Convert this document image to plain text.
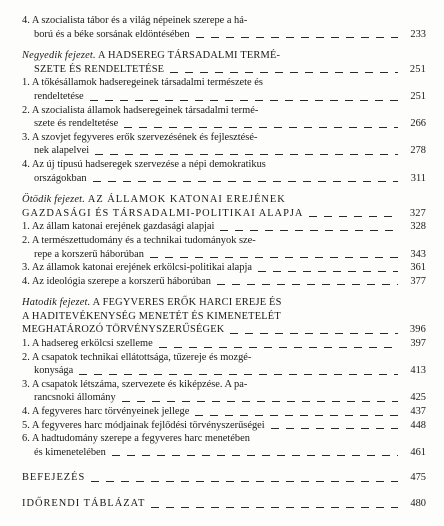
4. A szocialista tábor és a világ népeinek szerepe a há-
ború és a béke sorsának eldöntésében	233
Negyedik fejezet. A HADSEREG TÁRSADALMI TERMÉ-
SZETE ÉS RENDELTETÉSE	251
1. A tőkésállamok hadseregeinek társadalmi természete és
rendeltetése	251
2. A szocialista államok hadseregeinek társadalmi termé-
szete és rendeltetése	266
3. A szovjet fegyveres erők szervezésének és fejlesztésé-
nek alapelvei	278
4. Az új típusú hadseregek szervezése a népi demokratikus
országokban	311
Ötödik fejezet. AZ ÁLLAMOK KATONAI EREJÉNEK
GAZDASÁGI ÉS TÁRSADALMI-POLITIKAI ALAPJA	327
1. Az állam katonai erejének gazdasági alapjai	328
2. A természettudomány és a technikai tudományok sze-
repe a korszerű háborúban	343
3. Az államok katonai erejének erkölcsi-politikai alapja	361
4. Az ideológia szerepe a korszerű háborúban	377
Hatodik fejezet. A FEGYVERES ERŐK HARCI EREJE ÉS
A HADITEVÉKENYSÉG MENETÉT ÉS KIMENETELÉT
MEGHATÁROZÓ TÖRVÉNYSZERŰSÉGEK	396
1. A hadsereg erkölcsi szelleme	397
2. A csapatok technikai ellátottsága, tűzereje és mozgé-
konysága	413
3. A csapatok létszáma, szervezete és kiképzése. A pa-
rancsnoki állomány	425
4. A fegyveres harc törvényeinek jellege	437
5. A fegyveres harc módjainak fejlődési törvényszerűségei	448
6. A hadtudomány szerepe a fegyveres harc menetében
és kimenetelében	461
BEFEJEZÉS	475
IDŐRENDI TÁBLÁZAT	480
